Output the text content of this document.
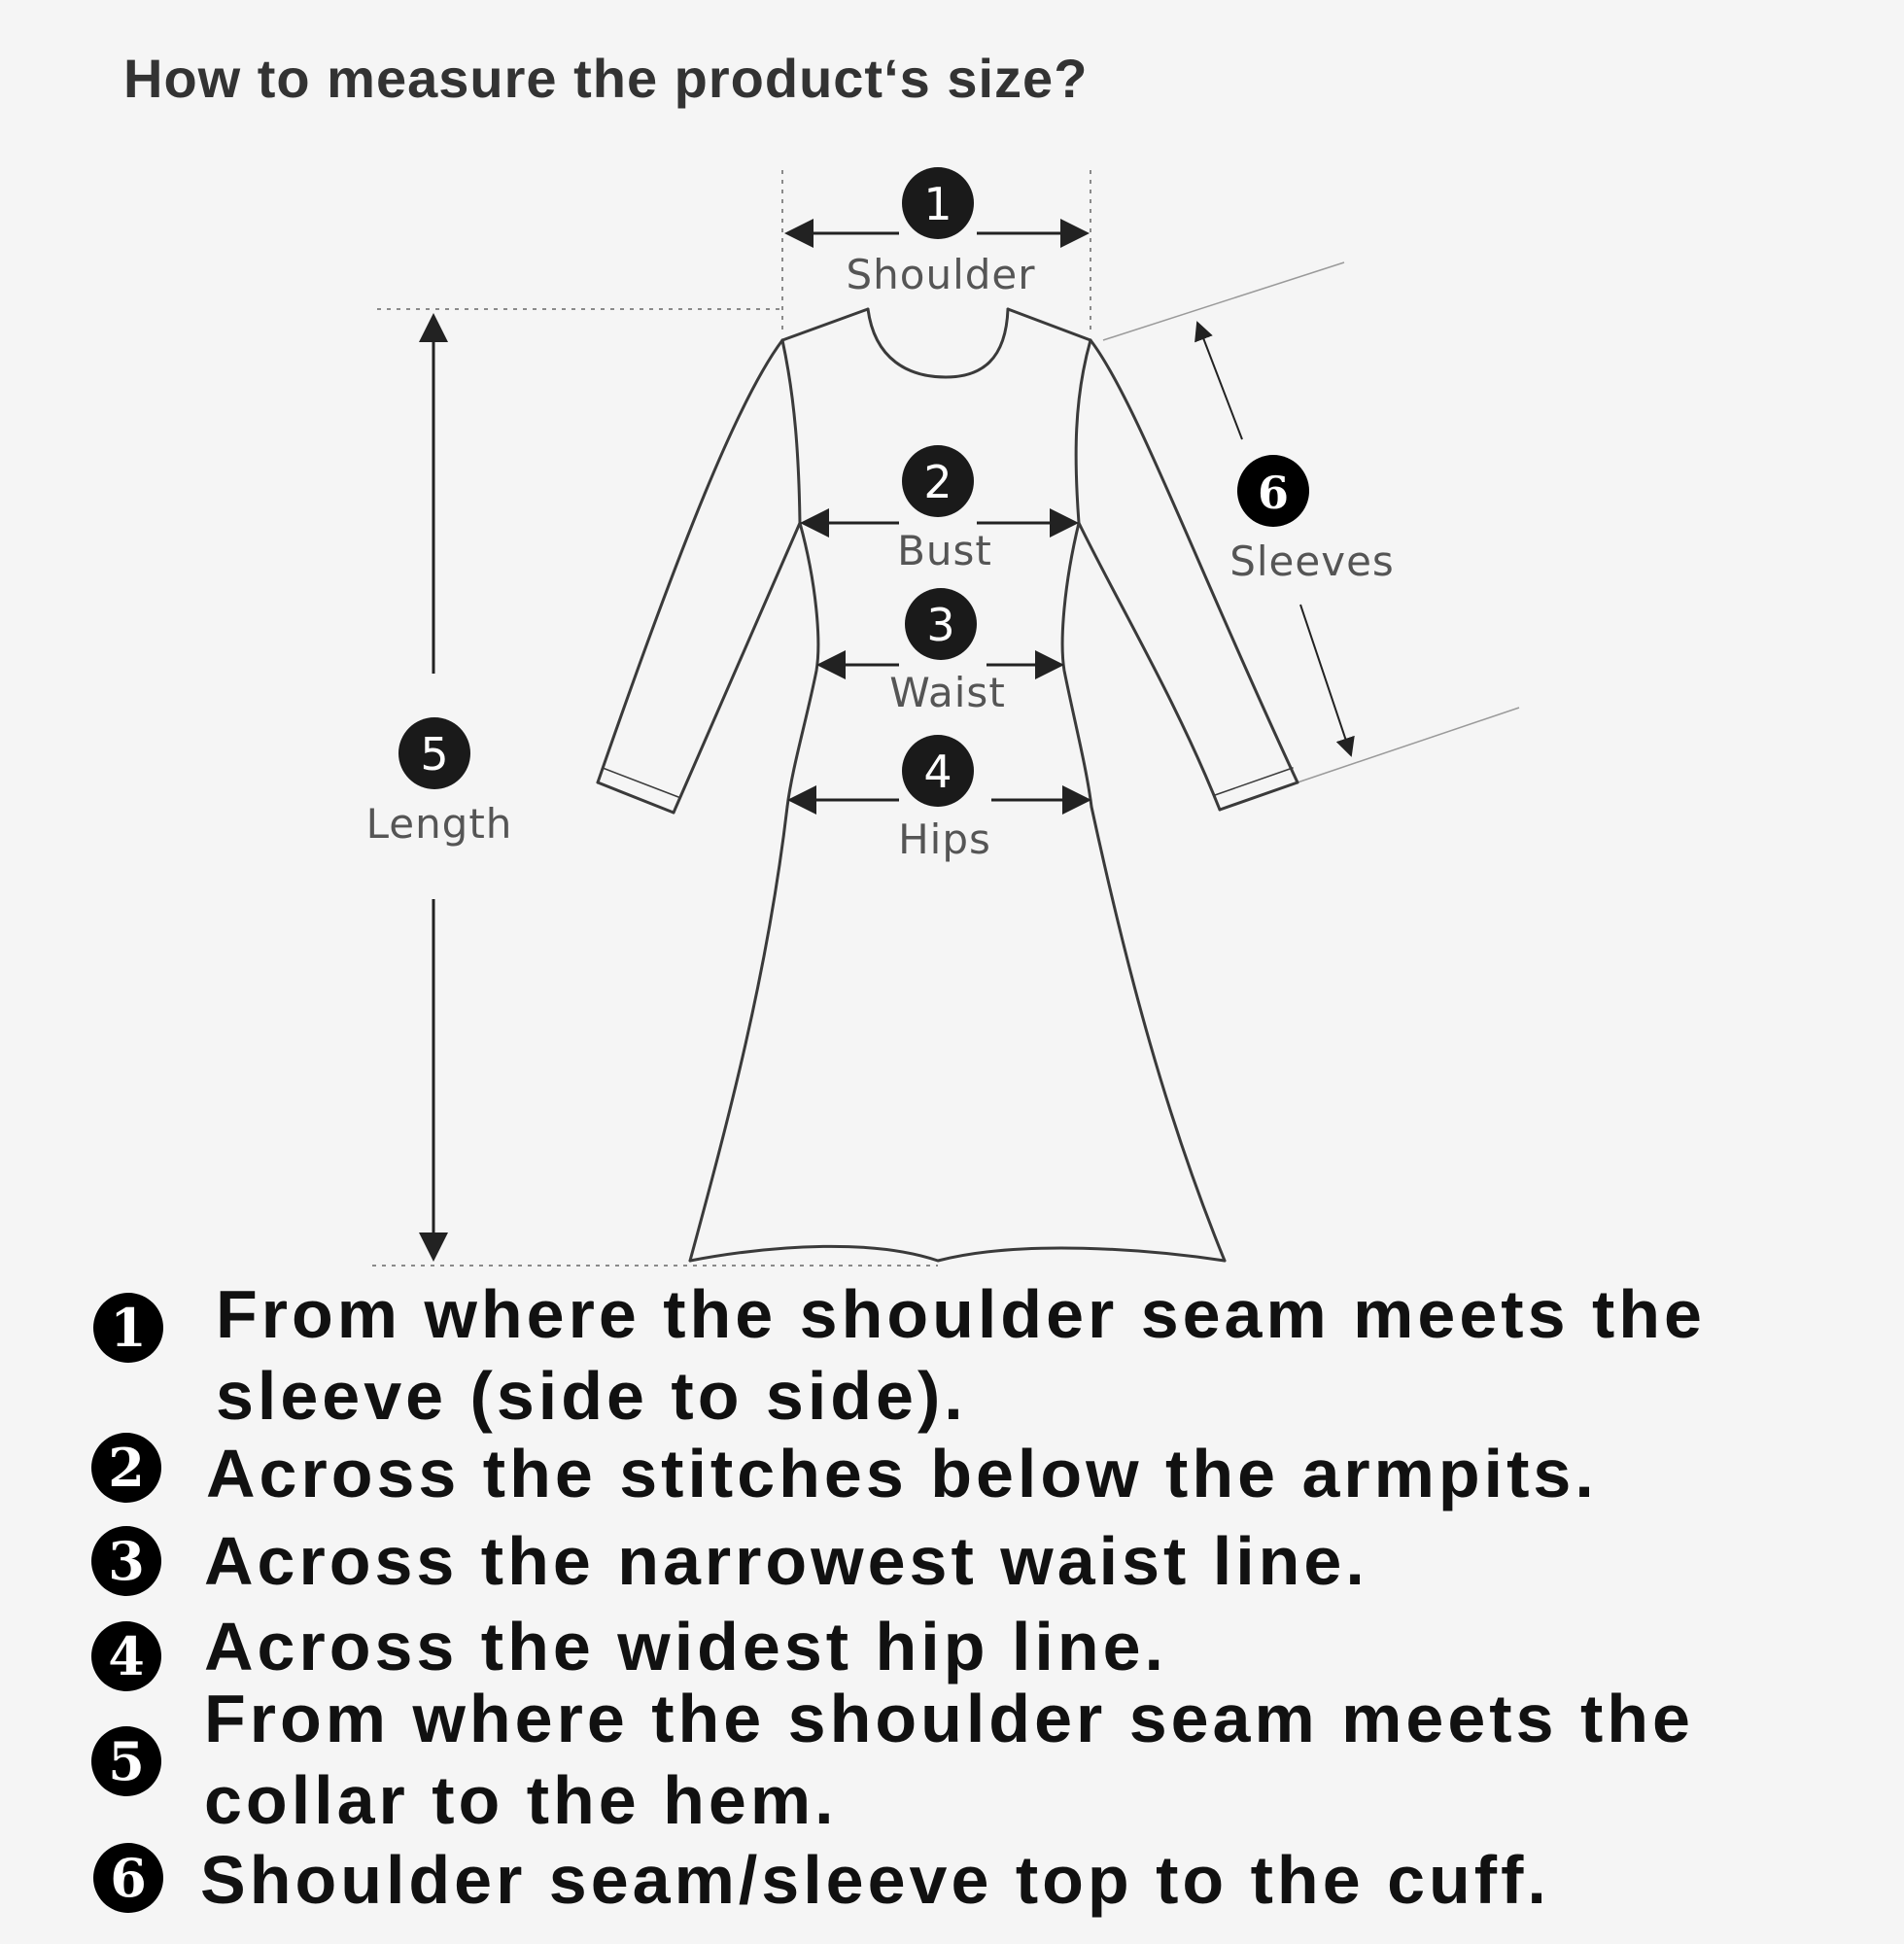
How to measure the product‘s size?
1
2
3
4
5
6
Shoulder
Bust
Waist
Hips
Length
Sleeves
1 From where the shoulder seam meets the
sleeve (side to side).
2 Across the stitches below the armpits.
3 Across the narrowest waist line.
4 Across the widest hip line.
5
From where the shoulder seam meets the
collar to the hem.
6 Shoulder seam/sleeve top to the cuff.
